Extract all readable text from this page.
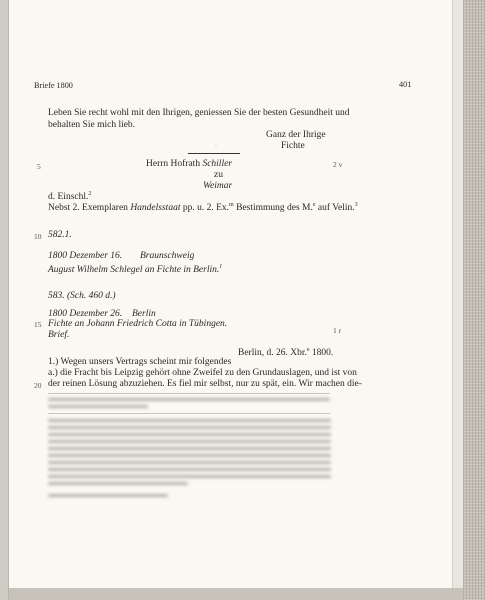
Briefe 1800	401
Leben Sie recht wohl mit den Ihrigen, geniessen Sie der besten Gesundheit und
behalten Sie mich lieb.
Ganz der Ihrige
Fichte
·
Herrn Hofrath Schiller
zu
Weimar
5	2 v
d. Einschl.$^2$
Nebst 2. Exemplaren Handelsstaat pp. u. 2. Ex.$^m$ Bestimmung des M.$^e$ auf Velin.$^3$
10 582.1.
1800 Dezember 16. Braunschweig
August Wilhelm Schlegel an Fichte in Berlin.$^1$
583. (Sch. 460 d.)
1800 Dezember 26. Berlin
15 Fichte an Johann Friedrich Cotta in Tübingen.
Brief.	1 r
Berlin, d. 26. Xbr.$^e$ 1800.
1.) Wegen unsers Vertrags scheint mir folgendes
a.) die Fracht bis Leipzig gehört ohne Zweifel zu den Grundauslagen, und ist von
20 der reinen Lösung abzuziehen. Es fiel mir selbst, nur zu spät, ein. Wir machen die-
